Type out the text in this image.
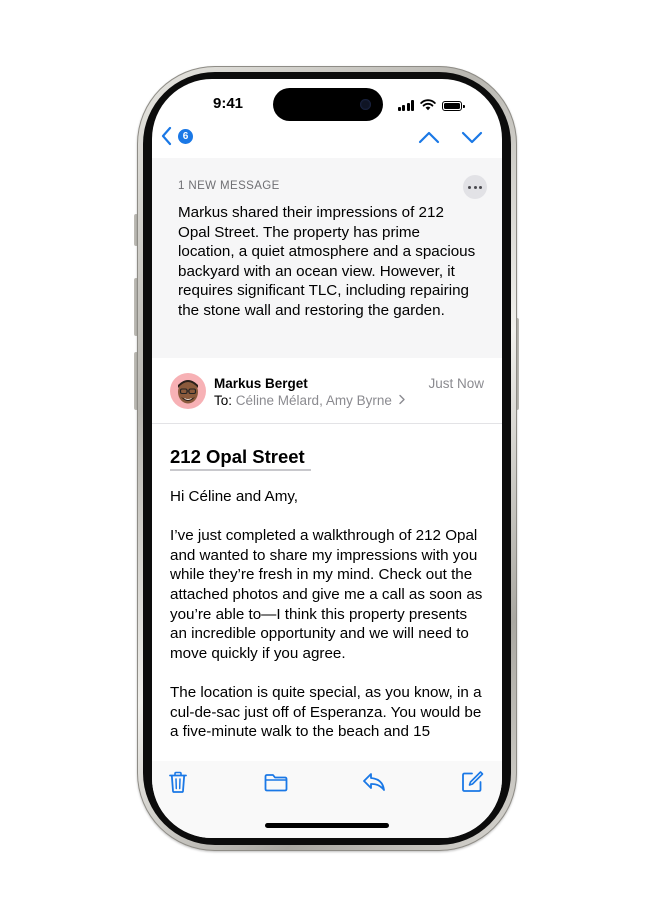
9:41
6
1 NEW MESSAGE
Markus shared their impressions of 212 Opal Street. The property has prime location, a quiet atmosphere and a spacious backyard with an ocean view. However, it requires significant TLC, including repairing the stone wall and restoring the garden.
Markus Berget
To: Céline Mélard, Amy Byrne
Just Now
212 Opal Street

Hi Céline and Amy,

I’ve just completed a walkthrough of 212 Opal and wanted to share my impressions with you while they’re fresh in my mind. Check out the attached photos and give me a call as soon as you’re able to—I think this property presents an incredible opportunity and we will need to move quickly if you agree.

The location is quite special, as you know, in a cul-de-sac just off of Esperanza. You would be a five-minute walk to the beach and 15
